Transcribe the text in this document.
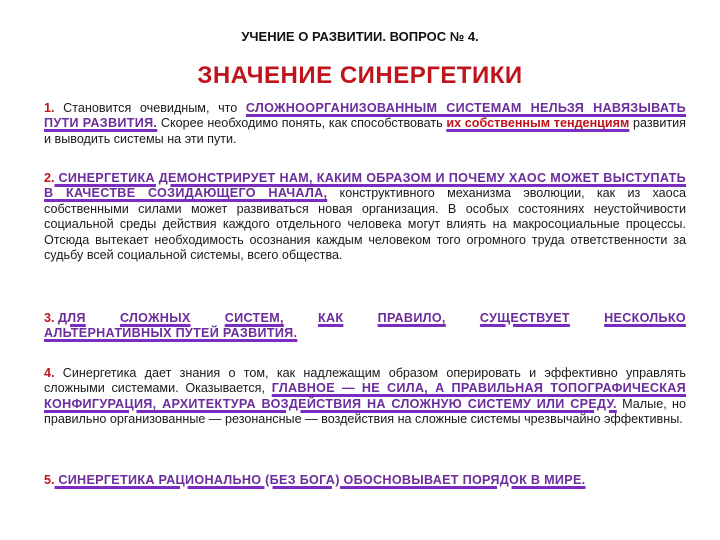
УЧЕНИЕ О РАЗВИТИИ. ВОПРОС № 4.
ЗНАЧЕНИЕ СИНЕРГЕТИКИ
1. Становится очевидным, что СЛОЖНООРГАНИЗОВАННЫМ СИСТЕМАМ НЕЛЬЗЯ НАВЯЗЫВАТЬ ПУТИ РАЗВИТИЯ. Скорее необходимо понять, как способствовать их собственным тенденциям развития и выводить системы на эти пути.
2. СИНЕРГЕТИКА ДЕМОНСТРИРУЕТ НАМ, КАКИМ ОБРАЗОМ И ПОЧЕМУ ХАОС МОЖЕТ ВЫСТУПАТЬ В КАЧЕСТВЕ СОЗИДАЮЩЕГО НАЧАЛА, конструктивного механизма эволюции, как из хаоса собственными силами может развиваться новая организация. В особых состояниях неустойчивости социальной среды действия каждого отдельного человека могут влиять на макросоциальные процессы. Отсюда вытекает необходимость осознания каждым человеком того огромного труда ответственности за судьбу всей социальной системы, всего общества.
3. ДЛЯ	СЛОЖНЫХ	СИСТЕМ,	КАК	ПРАВИЛО,	СУЩЕСТВУЕТ	НЕСКОЛЬКО
АЛЬТЕРНАТИВНЫХ ПУТЕЙ РАЗВИТИЯ.
4. Синергетика дает знания о том, как надлежащим образом оперировать и эффективно управлять сложными системами. Оказывается, ГЛАВНОЕ — НЕ СИЛА, А ПРАВИЛЬНАЯ ТОПОГРАФИЧЕСКАЯ КОНФИГУРАЦИЯ, АРХИТЕКТУРА ВОЗДЕЙСТВИЯ НА СЛОЖНУЮ СИСТЕМУ ИЛИ СРЕДУ. Малые, но правильно организованные — резонансные — воздействия на сложные системы чрезвычайно эффективны.
5. СИНЕРГЕТИКА РАЦИОНАЛЬНО (БЕЗ БОГА) ОБОСНОВЫВАЕТ ПОРЯДОК В МИРЕ.
